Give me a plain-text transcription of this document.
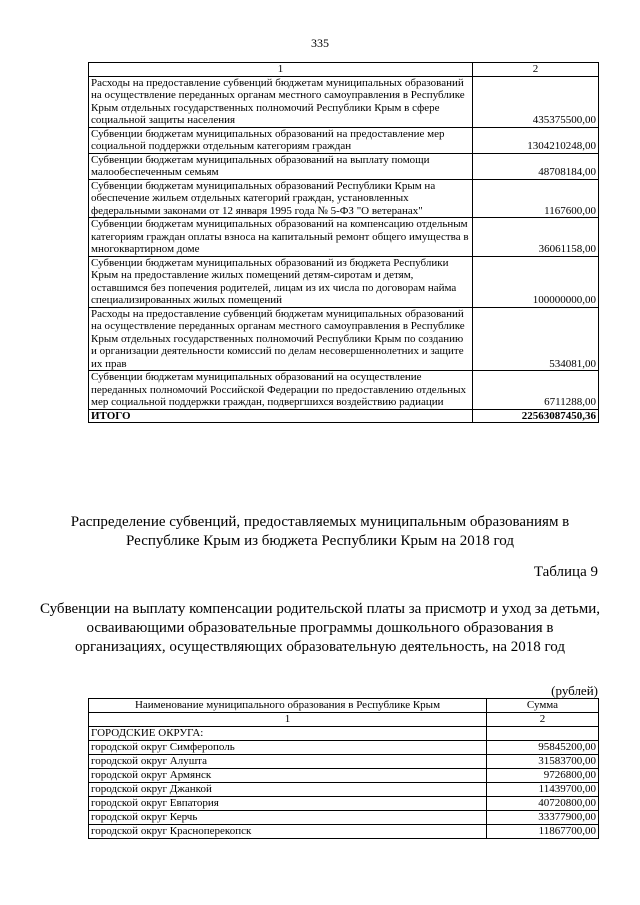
335
1	2
Расходы на предоставление субвенций бюджетам муниципальных образований на осуществление переданных органам местного самоуправления в Республике Крым отдельных государственных полномочий Республики Крым в сфере социальной защиты населения	435375500,00
Субвенции бюджетам муниципальных образований на предоставление мер социальной поддержки отдельным категориям граждан	1304210248,00
Субвенции бюджетам муниципальных образований на выплату помощи малообеспеченным семьям	48708184,00
Субвенции бюджетам муниципальных образований Республики Крым на обеспечение жильем отдельных категорий граждан, установленных федеральными законами от 12 января 1995 года № 5-ФЗ "О ветеранах"	1167600,00
Субвенции бюджетам муниципальных образований на компенсацию отдельным категориям граждан оплаты взноса на капитальный ремонт общего имущества в многоквартирном доме	36061158,00
Субвенции бюджетам муниципальных образований из бюджета Республики Крым на предоставление жилых помещений детям-сиротам и детям, оставшимся без попечения родителей, лицам из их числа по договорам найма специализированных жилых помещений	100000000,00
Расходы на предоставление субвенций бюджетам муниципальных образований на осуществление переданных органам местного самоуправления в Республике Крым отдельных государственных полномочий Республики Крым по созданию и организации деятельности комиссий по делам несовершеннолетних и защите их прав	534081,00
Субвенции бюджетам муниципальных образований на осуществление переданных полномочий Российской Федерации по предоставлению отдельных мер социальной поддержки граждан, подвергшихся воздействию радиации	6711288,00
ИТОГО	22563087450,36
Распределение субвенций, предоставляемых муниципальным образованиям в Республике Крым из бюджета Республики Крым на 2018 год
Таблица 9
Субвенции на выплату компенсации родительской платы за присмотр и уход за детьми, осваивающими образовательные программы дошкольного образования в организациях, осуществляющих образовательную деятельность, на 2018 год
(рублей)
Наименование муниципального образования в Республике Крым	Сумма
1	2
ГОРОДСКИЕ ОКРУГА:	
городской округ Симферополь	95845200,00
городской округ Алушта	31583700,00
городской округ Армянск	9726800,00
городской округ Джанкой	11439700,00
городской округ Евпатория	40720800,00
городской округ Керчь	33377900,00
городской округ Красноперекопск	11867700,00
